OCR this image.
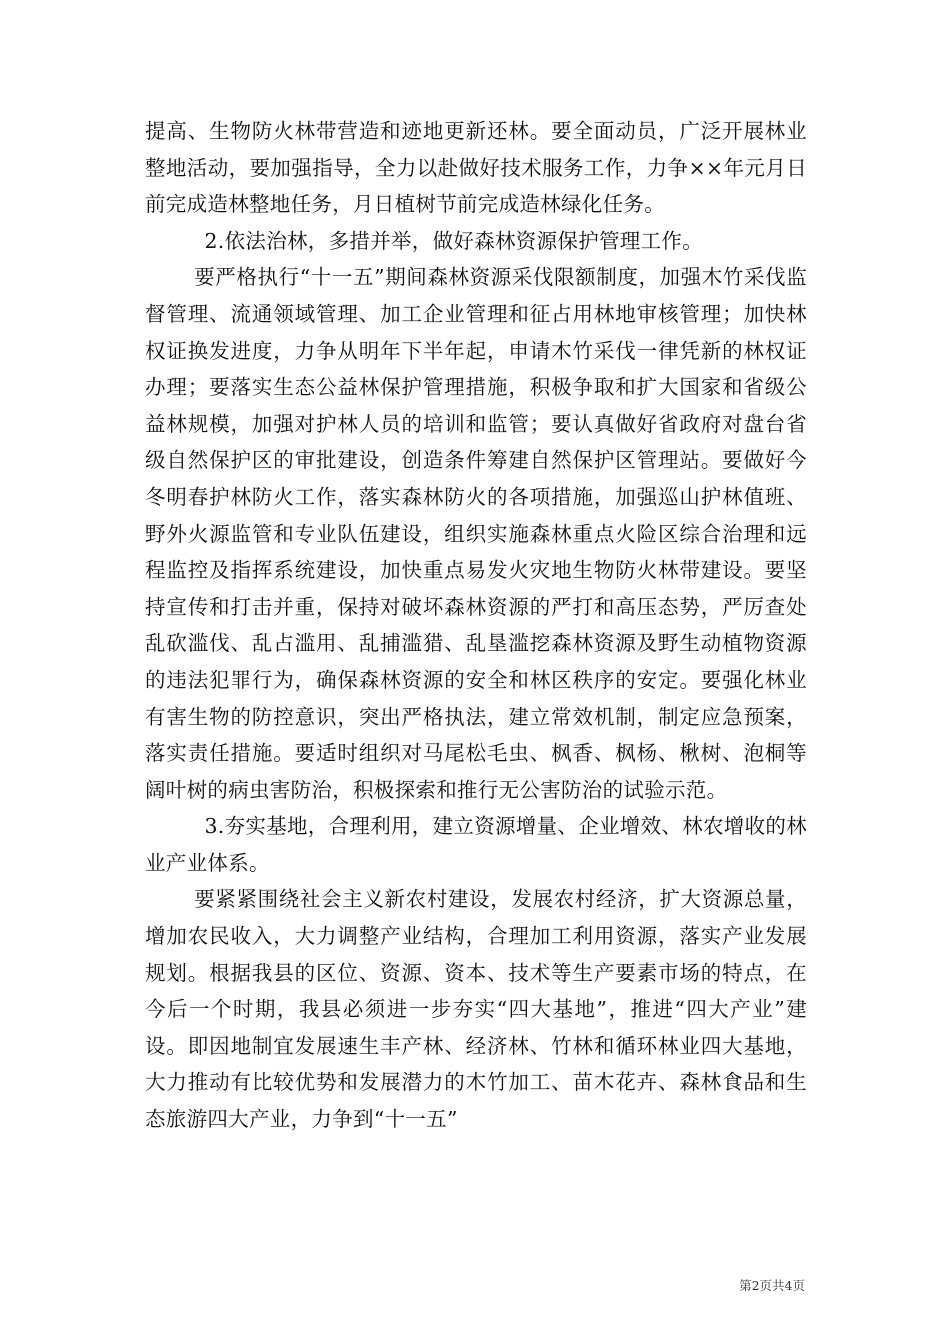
提高、生物防火林带营造和迹地更新还林。要全面动员，广泛开展林业整地活动，要加强指导，全力以赴做好技术服务工作，力争××年元月日前完成造林整地任务，月日植树节前完成造林绿化任务。

2.依法治林，多措并举，做好森林资源保护管理工作。

要严格执行“十一五”期间森林资源采伐限额制度，加强木竹采伐监督管理、流通领域管理、加工企业管理和征占用林地审核管理；加快林权证换发进度，力争从明年下半年起，申请木竹采伐一律凭新的林权证办理；要落实生态公益林保护管理措施，积极争取和扩大国家和省级公益林规模，加强对护林人员的培训和监管；要认真做好省政府对盘台省级自然保护区的审批建设，创造条件筹建自然保护区管理站。要做好今冬明春护林防火工作，落实森林防火的各项措施，加强巡山护林值班、野外火源监管和专业队伍建设，组织实施森林重点火险区综合治理和远程监控及指挥系统建设，加快重点易发火灾地生物防火林带建设。要坚持宣传和打击并重，保持对破坏森林资源的严打和高压态势，严厉查处乱砍滥伐、乱占滥用、乱捕滥猎、乱垦滥挖森林资源及野生动植物资源的违法犯罪行为，确保森林资源的安全和林区秩序的安定。要强化林业有害生物的防控意识，突出严格执法，建立常效机制，制定应急预案，落实责任措施。要适时组织对马尾松毛虫、枫香、枫杨、楸树、泡桐等阔叶树的病虫害防治，积极探索和推行无公害防治的试验示范。

3.夯实基地，合理利用，建立资源增量、企业增效、林农增收的林业产业体系。

要紧紧围绕社会主义新农村建设，发展农村经济，扩大资源总量，增加农民收入，大力调整产业结构，合理加工利用资源，落实产业发展规划。根据我县的区位、资源、资本、技术等生产要素市场的特点，在今后一个时期，我县必须进一步夯实“四大基地”，推进“四大产业”建设。即因地制宜发展速生丰产林、经济林、竹林和循环林业四大基地，大力推动有比较优势和发展潜力的木竹加工、苗木花卉、森林食品和生态旅游四大产业，力争到“十一五”

第2页共4页
